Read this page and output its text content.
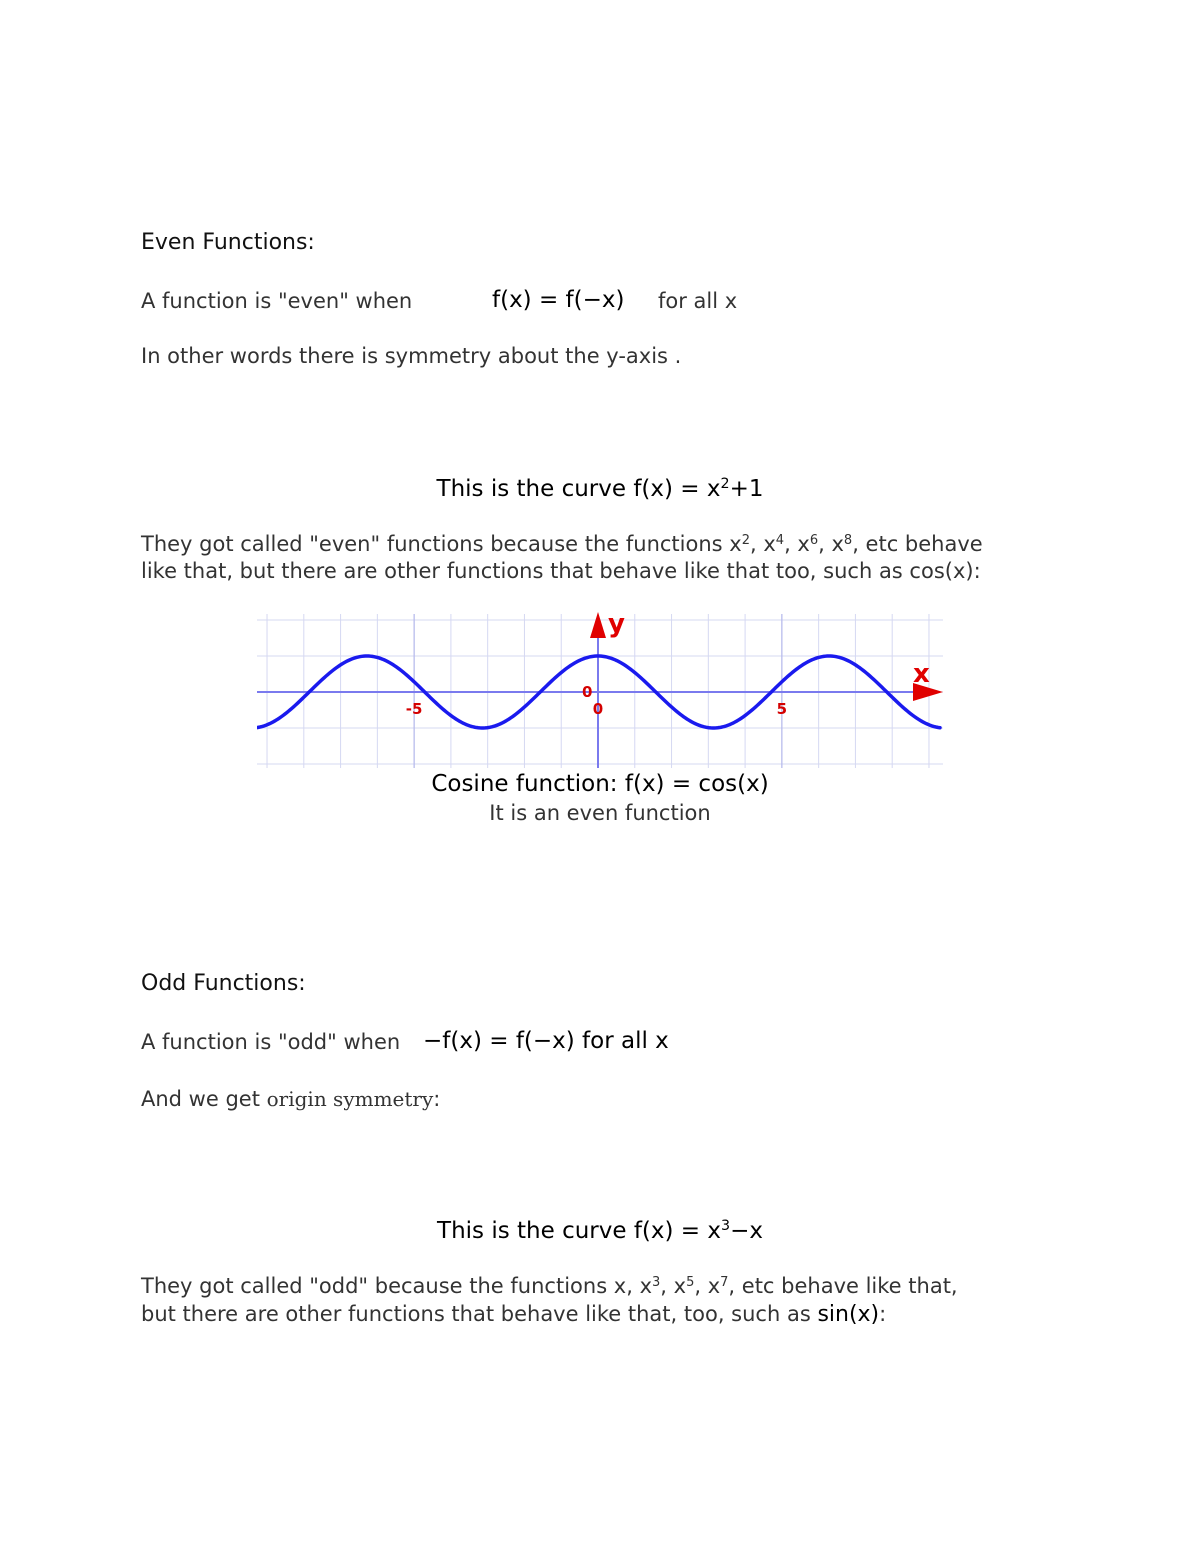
Even Functions:
A function is "even" when	f(x) = f(−x) for all x
In other words there is symmetry about the y-axis .
This is the curve $f(x) = x^2+1$
They got called "even" functions because the functions $x^2$, $x^4$, $x^6$, $x^8$, etc behave
like that, but there are other functions that behave like that too, such as cos(x):
x
y
-5	0	5
0
Cosine function: f(x) = cos(x)
It is an even function
Odd Functions:
A function is "odd" when −f(x) = f(−x) for all x
And we get origin symmetry:
This is the curve $f(x) = x^3-x$
They got called "odd" because the functions x, $x^3$, $x^5$, $x^7$, etc behave like that,
but there are other functions that behave like that, too, such as sin(x):
